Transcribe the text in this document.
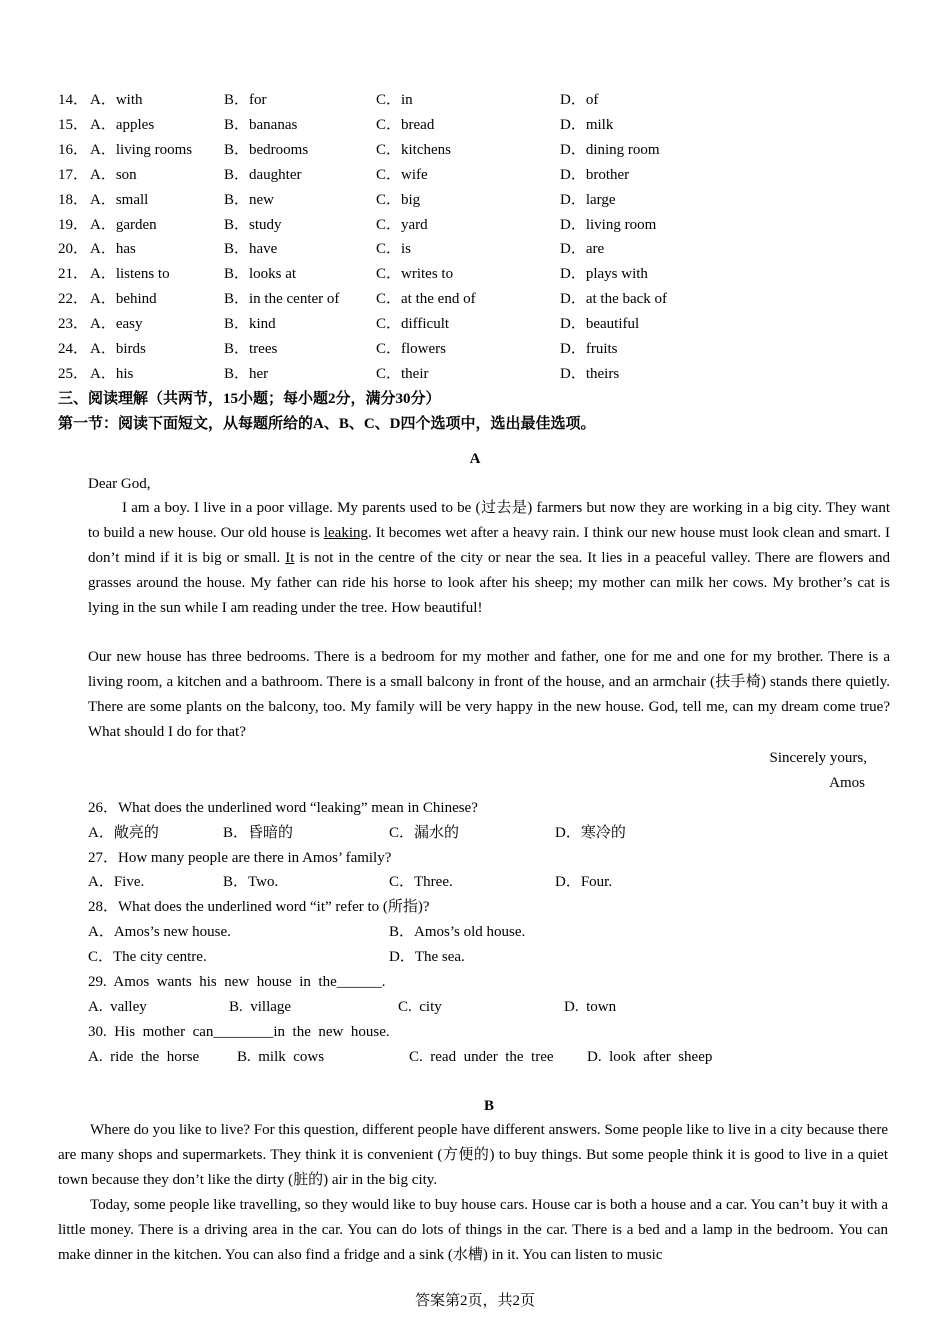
14． A．with	B．for	C．in	D．of
15． A．apples	B．bananas	C．bread	D．milk
16． A．living rooms B．bedrooms	C．kitchens	D．dining room
17． A．son	B．daughter	C．wife	D．brother
18． A．small	B．new	C．big	D．large
19． A．garden	B．study	C．yard	D．living room
20． A．has	B．have	C．is	D．are
21． A．listens to	B．looks at	C．writes to	D．plays with
22． A．behind	B．in the center of C．at the end of	D．at the back of
23． A．easy	B．kind	C．difficult	D．beautiful
24． A．birds	B．trees	C．flowers	D．fruits
25． A．his	B．her	C．their	D．theirs
三、阅读理解（共两节，15小题；每小题2分，满分30分）
第一节：阅读下面短文，从每题所给的A、B、C、D四个选项中，选出最佳选项。
A
Dear God,
I am a boy. I live in a poor village. My parents used to be (过去是) farmers but now they are working in a big city. They want to build a new house. Our old house is leaking. It becomes wet after a heavy rain. I think our new house must look clean and smart. I don’t mind if it is big or small. It is not in the centre of the city or near the sea. It lies in a peaceful valley. There are flowers and grasses around the house. My father can ride his horse to look after his sheep; my mother can milk her cows. My brother’s cat is lying in the sun while I am reading under the tree. How beautiful!
Our new house has three bedrooms. There is a bedroom for my mother and father, one for me and one for my brother. There is a living room, a kitchen and a bathroom. There is a small balcony in front of the house, and an armchair (扶手椅) stands there quietly. There are some plants on the balcony, too. My family will be very happy in the new house. God, tell me, can my dream come true? What should I do for that?
Sincerely yours,
Amos
26．What does the underlined word “leaking” mean in Chinese?
A．敞亮的	B．昏暗的	C．漏水的	D．寒冷的
27．How many people are there in Amos’ family?
A．Five.	B．Two.	C．Three.	D．Four.
28．What does the underlined word “it” refer to (所指)?
A．Amos’s new house.	B．Amos’s old house.
C．The city centre.	D．The sea.
29.  Amos  wants  his  new  house  in  the______.
A.  valley	B.  village	C.  city	D.  town
30.  His  mother  can________in  the  new  house.
A.  ride  the  horse	B.  milk  cows	C.  read  under  the  tree D.  look  after  sheep
B
Where do you like to live? For this question, different people have different answers. Some people like to live in a city because there are many shops and supermarkets. They think it is convenient (方便的) to buy things. But some people think it is good to live in a quiet town because they don’t like the dirty (脏的) air in the big city.
Today, some people like travelling, so they would like to buy house cars. House car is both a house and a car. You can’t buy it with a little money. There is a driving area in the car. You can do lots of things in the car. There is a bed and a lamp in the bedroom. You can make dinner in the kitchen. You can also find a fridge and a sink (水槽) in it. You can listen to music
答案第2页，共2页
